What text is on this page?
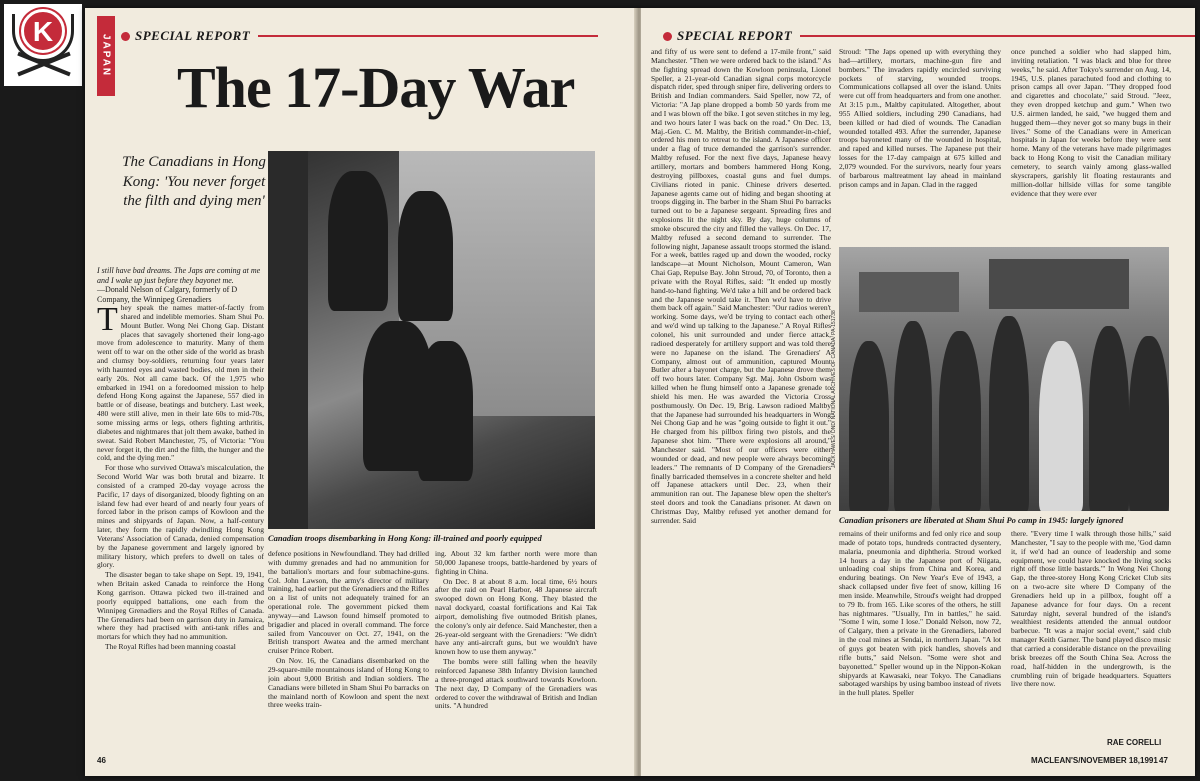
K
JAPAN SPECIAL REPORT
The 17-Day War
The Canadians in Hong Kong: 'You never forget the filth and dying men'
I still have bad dreams. The Japs are coming at me and I wake up just before they bayonet me.
—Donald Nelson of Calgary, formerly of D Company, the Winnipeg Grenadiers
Canadian troops disembarking in Hong Kong: ill-trained and poorly equipped

They speak the names matter-of-factly from shared and indelible memories. Sham Shui Po. Mount Butler. Wong Nei Chong Gap. Distant places that savagely shortened their long-ago move from adolescence to maturity. Many of them went off to war on the other side of the world as brash and clumsy boy-soldiers, returning four years later with haunted eyes and wasted bodies, old men in their early 20s. Not all came back. Of the 1,975 who embarked in 1941 on a foredoomed mission to help defend Hong Kong against the Japanese, 557 died in battle or of disease, beatings and butchery. Last week, 480 were still alive, men in their late 60s to mid-70s, some missing arms or legs, others fighting arthritis, diabetes and nightmares that jolt them awake, bathed in sweat. Said Robert Manchester, 75, of Victoria: "You never forget it, the dirt and the filth, the hunger and the cold, and the dying men."

For those who survived Ottawa's miscalculation, the Second World War was both brutal and bizarre. It consisted of a cramped 20-day voyage across the Pacific, 17 days of disorganized, bloody fighting on an island few had ever heard of and nearly four years of forced labor in the prison camps of Kowloon and the mines and shipyards of Japan. Now, a half-century later, they form the rapidly dwindling Hong Kong Veterans' Association of Canada, denied compensation by the Japanese government and largely ignored by military history, which prefers to dwell on tales of glory.

The disaster began to take shape on Sept. 19, 1941, when Britain asked Canada to reinforce the Hong Kong garrison. Ottawa picked two ill-trained and poorly equipped battalions, one each from the Winnipeg Grenadiers and the Royal Rifles of Canada. The Grenadiers had been on garrison duty in Jamaica, where they had practised with anti-tank rifles and mortars for which they had no ammunition.

The Royal Rifles had been manning coastal

defence positions in Newfoundland. They had drilled with dummy grenades and had no ammunition for the battalion's mortars and four submachine-guns. Col. John Lawson, the army's director of military training, had earlier put the Grenadiers and the Rifles on a list of units not adequately trained for an operational role. The government picked them anyway—and Lawson found himself promoted to brigadier and placed in overall command. The force sailed from Vancouver on Oct. 27, 1941, on the British transport Awatea and the armed merchant cruiser Prince Robert.

On Nov. 16, the Canadians disembarked on the 29-square-mile mountainous island of Hong Kong to join about 9,000 British and Indian soldiers. The Canadians were billeted in Sham Shui Po barracks on the mainland north of Kowloon and spent the next three weeks train-

ing. About 32 km farther north were more than 50,000 Japanese troops, battle-hardened by years of fighting in China.

On Dec. 8 at about 8 a.m. local time, 6½ hours after the raid on Pearl Harbor, 48 Japanese aircraft swooped down on Hong Kong. They blasted the naval dockyard, coastal fortifications and Kai Tak airport, demolishing five outmoded British planes, the colony's only air defence. Said Manchester, then a 26-year-old sergeant with the Grenadiers: "We didn't have any anti-aircraft guns, but we wouldn't have known how to use them anyway."

The bombs were still falling when the heavily reinforced Japanese 38th Infantry Division launched a three-pronged attack southward towards Kowloon. The next day, D Company of the Grenadiers was ordered to cover the withdrawal of British and Indian units. "A hundred

46
SPECIAL REPORT

and fifty of us were sent to defend a 17-mile front," said Manchester. "Then we were ordered back to the island." As the fighting spread down the Kowloon peninsula, Lionel Speller, a 21-year-old Canadian signal corps motorcycle dispatch rider, sped through sniper fire, delivering orders to British and Indian commanders. Said Speller, now 72, of Victoria: "A Jap plane dropped a bomb 50 yards from me and I was blown off the bike. I got seven stitches in my leg, and two hours later I was back on the road." On Dec. 13, Maj.-Gen. C. M. Maltby, the British commander-in-chief, ordered his men to retreat to the island. A Japanese officer under a flag of truce demanded the garrison's surrender. Maltby refused. For the next five days, Japanese heavy artillery, mortars and bombers hammered Hong Kong, destroying pillboxes, coastal guns and fuel dumps. Civilians rioted in panic. Chinese drivers deserted. Japanese agents came out of hiding and began shooting at troops digging in. The barber in the Sham Shui Po barracks turned out to be a Japanese sergeant. Spreading fires and explosions lit the night sky. By day, huge columns of smoke obscured the city and filled the valleys. On Dec. 17, Maltby refused a second demand to surrender. The following night, Japanese assault troops stormed the island. For a week, battles raged up and down the wooded, rocky landscape—at Mount Nicholson, Mount Cameron, Wan Chai Gap, Repulse Bay. John Stroud, 70, of Toronto, then a private with the Royal Rifles, said: "It ended up mostly hand-to-hand fighting. We'd take a hill and be ordered back and the Japanese would take it. Then we'd have to drive them back off again." Said Manchester: "Our radios weren't working. Some days, we'd be trying to contact each other and we'd wind up talking to the Japanese." A Royal Rifles colonel, his unit surrounded and under fierce attack, radioed desperately for artillery support and was told there were no Japanese on the island. The Grenadiers' A Company, almost out of ammunition, captured Mount Butler after a bayonet charge, but the Japanese drove them off two hours later. Company Sgt. Maj. John Osborn was killed when he flung himself onto a Japanese grenade to shield his men. He was awarded the Victoria Cross posthumously. On Dec. 19, Brig. Lawson radioed Maltby that the Japanese had surrounded his headquarters in Wong Nei Chong Gap and he was "going outside to fight it out." He charged from his pillbox firing two pistols, and the Japanese shot him. "There were explosions all around," Manchester said. "Most of our officers were either wounded or dead, and new people were always becoming leaders." The remnants of D Company of the Grenadiers finally barricaded themselves in a concrete shelter and held off Japanese attackers until Dec. 23, when their ammunition ran out. The Japanese blew open the shelter's steel doors and took the Canadians prisoner. At dawn on Christmas Day, Maltby refused yet another demand for surrender. Said

Stroud: "The Japs opened up with everything they had—artillery, mortars, machine-gun fire and bombers." The invaders rapidly encircled surviving pockets of starving, wounded troops. Communications collapsed all over the island. Units were cut off from headquarters and from one another. At 3:15 p.m., Maltby capitulated. Altogether, about 955 Allied soldiers, including 290 Canadians, had been killed or had died of wounds. The Canadian wounded totalled 493. After the surrender, Japanese troops bayoneted many of the wounded in hospital, and raped and killed nurses. The Japanese put their losses for the 17-day campaign at 675 killed and 2,079 wounded. For the survivors, nearly four years of barbarous maltreatment lay ahead in mainland prison camps and in Japan. Clad in the ragged

once punched a soldier who had slapped him, inviting retaliation. "I was black and blue for three weeks," he said. After Tokyo's surrender on Aug. 14, 1945, U.S. planes parachuted food and clothing to prison camps all over Japan. "They dropped food and cigarettes and chocolate," said Stroud. "Jeez, they even dropped ketchup and gum." When two U.S. airmen landed, he said, "we hugged them and hugged them—they never got so many bugs in their lives." Some of the Canadians were in American hospitals in Japan for weeks before they were sent home. Many of the veterans have made pilgrimages back to Hong Kong to visit the Canadian military cemetery, to search vainly among glass-walled skyscrapers, garishly lit floating restaurants and million-dollar hillside villas for some tangible evidence that they were ever

JACK HAWES/ DND/ NATIONAL ARCHIVES OF CANADA/ PA-151738
Canadian prisoners are liberated at Sham Shui Po camp in 1945: largely ignored

remains of their uniforms and fed only rice and soup made of potato tops, hundreds contracted dysentery, malaria, pneumonia and diphtheria. Stroud worked 14 hours a day in the Japanese port of Niigata, unloading coal ships from China and Korea, and enduring beatings. On New Year's Eve of 1943, a shack collapsed under five feet of snow, killing 16 men inside. Meanwhile, Stroud's weight had dropped to 79 lb. from 165. Like scores of the others, he still has nightmares. "Usually, I'm in battles," he said. "Some I win, some I lose." Donald Nelson, now 72, of Calgary, then a private in the Grenadiers, labored in the coal mines at Sendai, in northern Japan. "A lot of guys got beaten with pick handles, shovels and rifle butts," said Nelson. "Some were shot and bayonetted." Speller wound up in the Nippon-Kokan shipyards at Kawasaki, near Tokyo. The Canadians sabotaged warships by using bamboo instead of rivets in the hull plates. Speller

there. "Every time I walk through those hills," said Manchester, "I say to the people with me, 'God damn it, if we'd had an ounce of leadership and some equipment, we could have knocked the living socks right off those little bastards.'" In Wong Nei Chong Gap, the three-storey Hong Kong Cricket Club sits on a two-acre site where D Company of the Grenadiers held up in a pillbox, fought off a Japanese advance for four days. On a recent Saturday night, several hundred of the island's wealthiest residents attended the annual outdoor barbecue. "It was a major social event," said club manager Keith Garner. The band played disco music that carried a considerable distance on the prevailing brisk breezes off the South China Sea. Across the road, half-hidden in the undergrowth, is the crumbling ruin of brigade headquarters. Squatters live there now.

RAE CORELLI
MACLEAN'S/NOVEMBER 18,1991 47
